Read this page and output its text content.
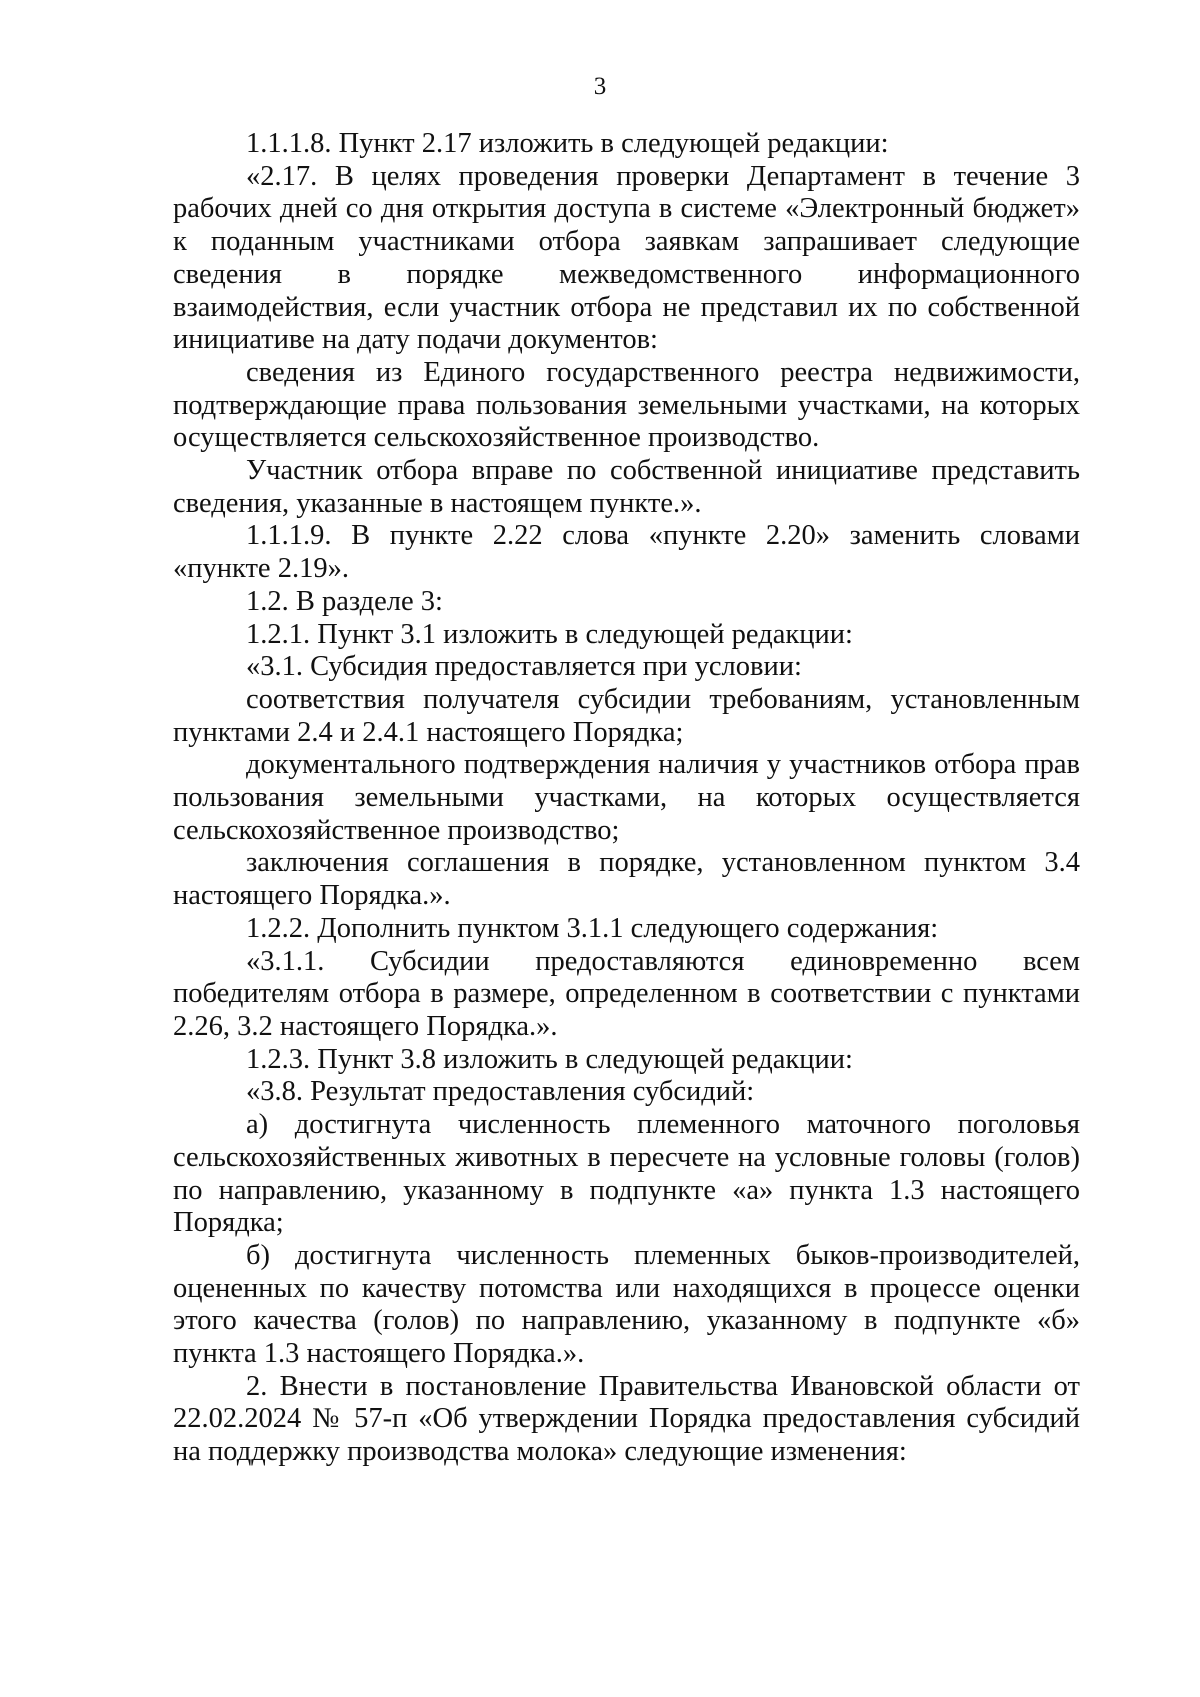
3

1.1.1.8. Пункт 2.17 изложить в следующей редакции:

«2.17. В целях проведения проверки Департамент в течение 3 рабочих дней со дня открытия доступа в системе «Электронный бюджет» к поданным участниками отбора заявкам запрашивает следующие сведения в порядке межведомственного информационного взаимодействия, если участник отбора не представил их по собственной инициативе на дату подачи документов:

сведения из Единого государственного реестра недвижимости, подтверждающие права пользования земельными участками, на которых осуществляется сельскохозяйственное производство.

Участник отбора вправе по собственной инициативе представить сведения, указанные в настоящем пункте.».

1.1.1.9. В пункте 2.22 слова «пункте 2.20» заменить словами «пункте 2.19».

1.2. В разделе 3:

1.2.1. Пункт 3.1 изложить в следующей редакции:

«3.1. Субсидия предоставляется при условии:

соответствия получателя субсидии требованиям, установленным пунктами 2.4 и 2.4.1 настоящего Порядка;

документального подтверждения наличия у участников отбора прав пользования земельными участками, на которых осуществляется сельскохозяйственное производство;

заключения соглашения в порядке, установленном пунктом 3.4 настоящего Порядка.».

1.2.2. Дополнить пунктом 3.1.1 следующего содержания:

«3.1.1. Субсидии предоставляются единовременно всем победителям отбора в размере, определенном в соответствии с пунктами 2.26, 3.2 настоящего Порядка.».

1.2.3. Пункт 3.8 изложить в следующей редакции:

«3.8. Результат предоставления субсидий:

а) достигнута численность племенного маточного поголовья сельскохозяйственных животных в пересчете на условные головы (голов) по направлению, указанному в подпункте «а» пункта 1.3 настоящего Порядка;

б) достигнута численность племенных быков-производителей, оцененных по качеству потомства или находящихся в процессе оценки этого качества (голов) по направлению, указанному в подпункте «б» пункта 1.3 настоящего Порядка.».

2. Внести в постановление Правительства Ивановской области от 22.02.2024 № 57-п «Об утверждении Порядка предоставления субсидий на поддержку производства молока» следующие изменения:
